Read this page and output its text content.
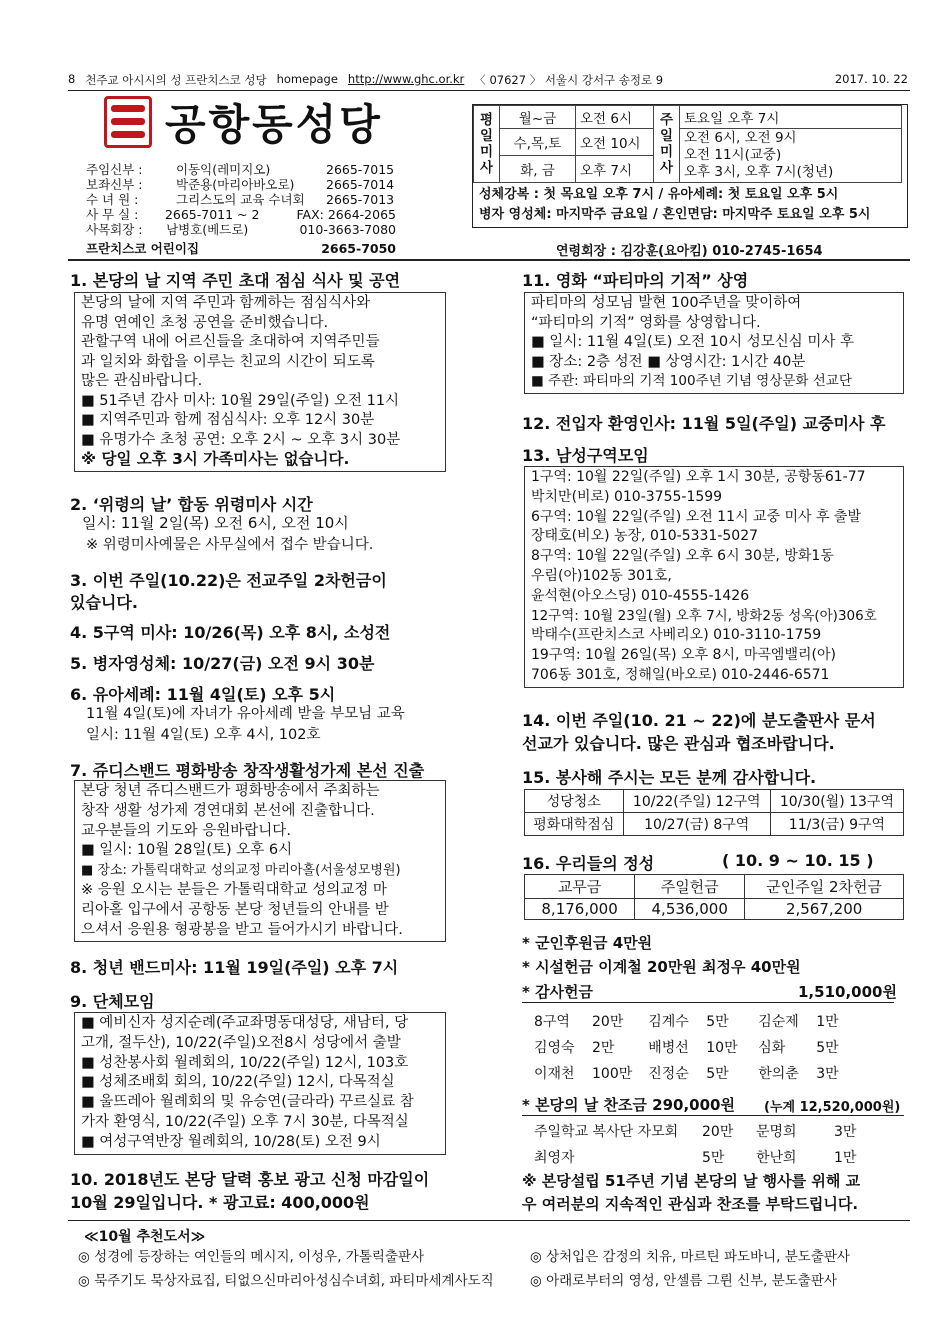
8 천주교 아시시의 성 프란치스코 성당 homepage http://www.ghc.or.kr 〈 07627 〉 서울시 강서구 송정로 9	2017. 10. 22
공항동성당
주임신부 :	이동익(레미지오)	2665-7015
보좌신부 :	박준용(마리아바오로)	2665-7014
수 녀 원 :	그리스도의 교육 수녀회	2665-7013
사 무 실 :	2665-7011 ~ 2	FAX: 2664-2065
사목회장 :	남병호(베드로)	010-3663-7080
프란치스코 어린이집	2665-7050
평일미사	월~금	오전 6시	주일미사	토요일 오후 7시
	수,목,토	오전 10시		오전 6시, 오전 9시
오전 11시(교중)
오후 3시, 오후 7시(청년)

	화, 금	오후 7시		
성체강복 : 첫 목요일 오후 7시 / 유아세례: 첫 토요일 오후 5시
병자 영성체: 마지막주 금요일 / 혼인면담: 마지막주 토요일 오후 5시
연령회장 : 김강훈(요아킴) 010-2745-1654
1. 본당의 날 지역 주민 초대 점심 식사 및 공연
본당의 날에 지역 주민과 함께하는 점심식사와
유명 연예인 초청 공연을 준비했습니다.
관할구역 내에 어르신들을 초대하여 지역주민들
과 일치와 화합을 이루는 친교의 시간이 되도록
많은 관심바랍니다.
■ 51주년 감사 미사: 10월 29일(주일) 오전 11시
■ 지역주민과 함께 점심식사: 오후 12시 30분
■ 유명가수 초청 공연: 오후 2시 ~ 오후 3시 30분
※ 당일 오후 3시 가족미사는 없습니다.
2. ‘위령의 날’ 합동 위령미사 시간
일시: 11월 2일(목) 오전 6시, 오전 10시
※ 위령미사예물은 사무실에서 접수 받습니다.
3. 이번 주일(10.22)은 전교주일 2차헌금이
있습니다.
4. 5구역 미사: 10/26(목) 오후 8시, 소성전
5. 병자영성체: 10/27(금) 오전 9시 30분
6. 유아세례: 11월 4일(토) 오후 5시
11월 4일(토)에 자녀가 유아세례 받을 부모님 교육
일시: 11월 4일(토) 오후 4시, 102호
7. 쥬디스밴드 평화방송 창작생활성가제 본선 진출
본당 청년 쥬디스밴드가 평화방송에서 주최하는
창작 생활 성가제 경연대회 본선에 진출합니다.
교우분들의 기도와 응원바랍니다.
■ 일시: 10월 28일(토) 오후 6시
■ 장소: 가톨릭대학교 성의교정 마리아홀(서울성모병원)
※ 응원 오시는 분들은 가톨릭대학교 성의교정 마
리아홀 입구에서 공항동 본당 청년들의 안내를 받
으셔서 응원용 형광봉을 받고 들어가시기 바랍니다.
8. 청년 밴드미사: 11월 19일(주일) 오후 7시
9. 단체모임
■ 예비신자 성지순례(주교좌명동대성당, 새남터, 당
고개, 절두산), 10/22(주일)오전8시 성당에서 출발
■ 성찬봉사회 월례회의, 10/22(주일) 12시, 103호
■ 성체조배회 회의, 10/22(주일) 12시, 다목적실
■ 울뜨레아 월례회의 및 유승연(글라라) 꾸르실료 참
가자 환영식, 10/22(주일) 오후 7시 30분, 다목적실
■ 여성구역반장 월례회의, 10/28(토) 오전 9시
10. 2018년도 본당 달력 홍보 광고 신청 마감일이
10월 29일입니다. * 광고료: 400,000원
11. 영화 “파티마의 기적” 상영
파티마의 성모님 발현 100주년을 맞이하여
“파티마의 기적” 영화를 상영합니다.
■ 일시: 11월 4일(토) 오전 10시 성모신심 미사 후
■ 장소: 2층 성전 ■ 상영시간: 1시간 40분
■ 주관: 파티마의 기적 100주년 기념 영상문화 선교단
12. 전입자 환영인사: 11월 5일(주일) 교중미사 후
13. 남성구역모임
1구역: 10월 22일(주일) 오후 1시 30분, 공항동61-77
박치만(비로) 010-3755-1599
6구역: 10월 22일(주일) 오전 11시 교중 미사 후 출발
장태호(비오) 농장, 010-5331-5027
8구역: 10월 22일(주일) 오후 6시 30분, 방화1동
우림(아)102동 301호,
윤석현(아오스딩) 010-4555-1426
12구역: 10월 23일(월) 오후 7시, 방화2동 성옥(아)306호
박태수(프란치스코 사베리오) 010-3110-1759
19구역: 10월 26일(목) 오후 8시, 마곡엠밸리(아)
706동 301호, 정해일(바오로) 010-2446-6571
14. 이번 주일(10. 21 ~ 22)에 분도출판사 문서
선교가 있습니다. 많은 관심과 협조바랍니다.
15. 봉사해 주시는 모든 분께 감사합니다.
성당청소	10/22(주일) 12구역	10/30(월) 13구역
평화대학점심	10/27(금) 8구역	11/3(금) 9구역
16. 우리들의 정성	( 10. 9 ~ 10. 15 )
교무금	주일헌금	군인주일 2차헌금
8,176,000	4,536,000	2,567,200
* 군인후원금 4만원
* 시설헌금 이계철 20만원 최정우 40만원
* 감사헌금	1,510,000원
8구역	20만	김계수	5만	김순제	1만
김영숙	2만	배병선	10만	심화	5만
이재천	100만	진정순	5만	한의춘	3만
* 본당의 날 찬조금 290,000원 (누계 12,520,000원)
주일학교 복사단 자모회	20만	문명희	3만
최영자	5만	한난희	1만
※ 본당설립 51주년 기념 본당의 날 행사를 위해 교
우 여러분의 지속적인 관심과 찬조를 부탁드립니다.
≪10월 추천도서≫
◎ 성경에 등장하는 여인들의 메시지, 이성우, 가톨릭출판사	◎ 상처입은 감정의 치유, 마르틴 파도바니, 분도출판사
◎ 묵주기도 묵상자료집, 티없으신마리아성심수녀회, 파티마세계사도직	◎ 아래로부터의 영성, 안셀름 그륀 신부, 분도출판사
